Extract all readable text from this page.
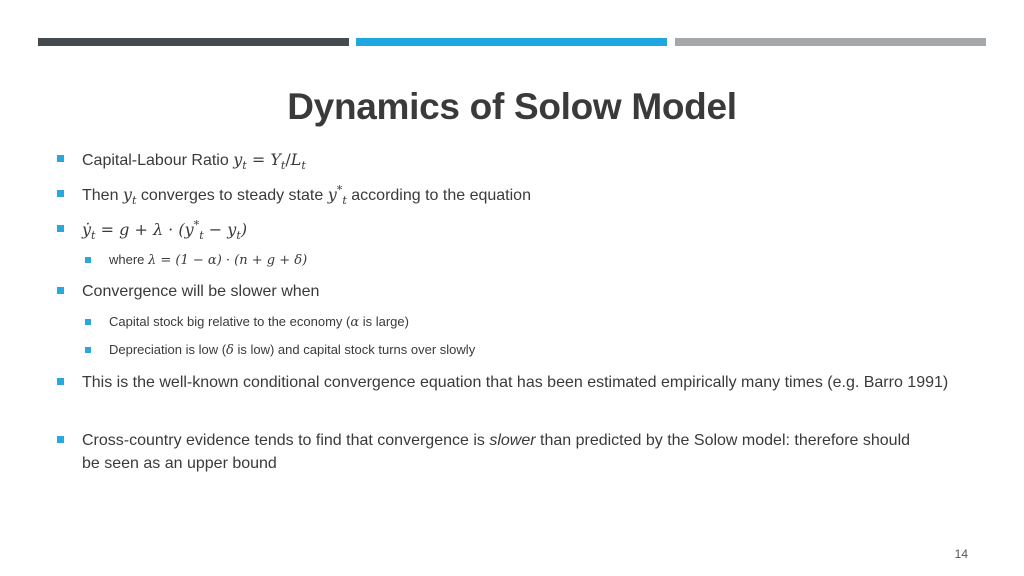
Dynamics of Solow Model
Capital-Labour Ratio $y_t = Y_t/L_t$
Then $y_t$ converges to steady state $y^*_t$ according to the equation
ẏ$_t$ = $g + \lambda \cdot (y^*_t - y_t)$
where λ = (1 − α) · (n + g + δ)
Convergence will be slower when
Capital stock big relative to the economy (α is large)
Depreciation is low (δ is low) and capital stock turns over slowly
This is the well-known conditional convergence equation that has been estimated empirically many times (e.g. Barro 1991)
Cross-country evidence tends to find that convergence is slower than predicted by the Solow model: therefore should be seen as an upper bound
14
